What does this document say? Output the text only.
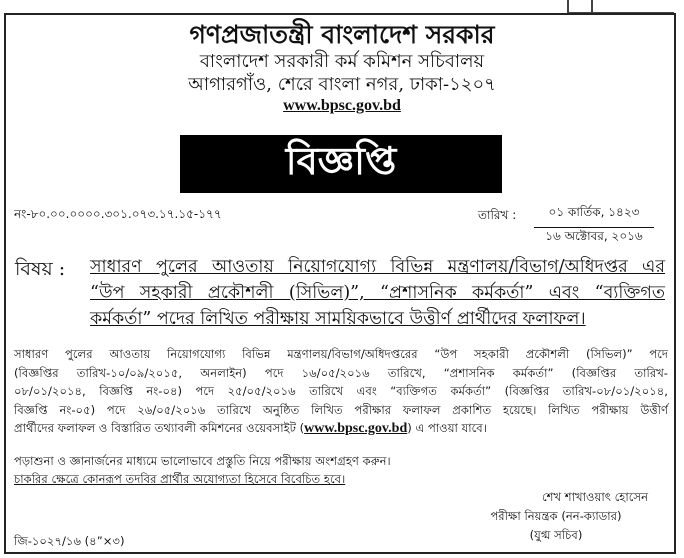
গণপ্রজাতন্ত্রী বাংলাদেশ সরকার
বাংলাদেশ সরকারী কর্ম কমিশন সচিবালয়
আগারগাঁও, শেরে বাংলা নগর, ঢাকা-১২০৭
www.bpsc.gov.bd
বিজ্ঞপ্তি
নং-৮০.০০.০০০০.৩০১.০৭৩.১৭.১৫-১৭৭	তারিখ :	০১ কার্তিক, ১৪২৩
১৬ অক্টোবর, ২০১৬
বিষয় : সাধারণ পুলের আওতায় নিয়োগযোগ্য বিভিন্ন মন্ত্রণালয়/বিভাগ/অধিদপ্তর এর
“উপ সহকারী প্রকৌশলী (সিভিল)”, “প্রশাসনিক কর্মকর্তা” এবং “ব্যক্তিগত
কর্মকর্তা” পদের লিখিত পরীক্ষায় সাময়িকভাবে উত্তীর্ণ প্রার্থীদের ফলাফল।
সাধারণ পুলের আওতায় নিয়োগযোগ্য বিভিন্ন মন্ত্রণালয়/বিভাগ/অধিদপ্তরের “উপ সহকারী প্রকৌশলী (সিভিল)” পদে
(বিজ্ঞপ্তির তারিখ-১০/০৯/২০১৫, অনলাইন) পদে ১৬/০৫/২০১৬ তারিখে, “প্রশাসনিক কর্মকর্তা” (বিজ্ঞপ্তির তারিখ-
০৮/০১/২০১৪, বিজ্ঞপ্তি নং-০৪) পদে ২৫/০৫/২০১৬ তারিখে এবং “ব্যক্তিগত কর্মকর্তা” (বিজ্ঞপ্তির তারিখ-০৮/০১/২০১৪,
বিজ্ঞপ্তি নং-০৫) পদে ২৬/০৫/২০১৬ তারিখে অনুষ্ঠিত লিখিত পরীক্ষার ফলাফল প্রকাশিত হয়েছে। লিখিত পরীক্ষায় উত্তীর্ণ
প্রার্থীদের ফলাফল ও বিস্তারিত তথ্যাবলী কমিশনের ওয়েবসাইট (www.bpsc.gov.bd) এ পাওয়া যাবে।
পড়াশুনা ও জ্ঞানার্জনের মাধ্যমে ভালোভাবে প্রস্তুতি নিয়ে পরীক্ষায় অংশগ্রহণ করুন।
চাকরির ক্ষেত্রে কোনরূপ তদবির প্রার্থীর অযোগ্যতা হিসেবে বিবেচিত হবে।
শেখ শাখাওয়াৎ হোসেন
পরীক্ষা নিয়ন্ত্রক (নন-ক্যাডার)
(যুগ্ম সচিব)
জি-১০২৭/১৬ (৪”×৩)
